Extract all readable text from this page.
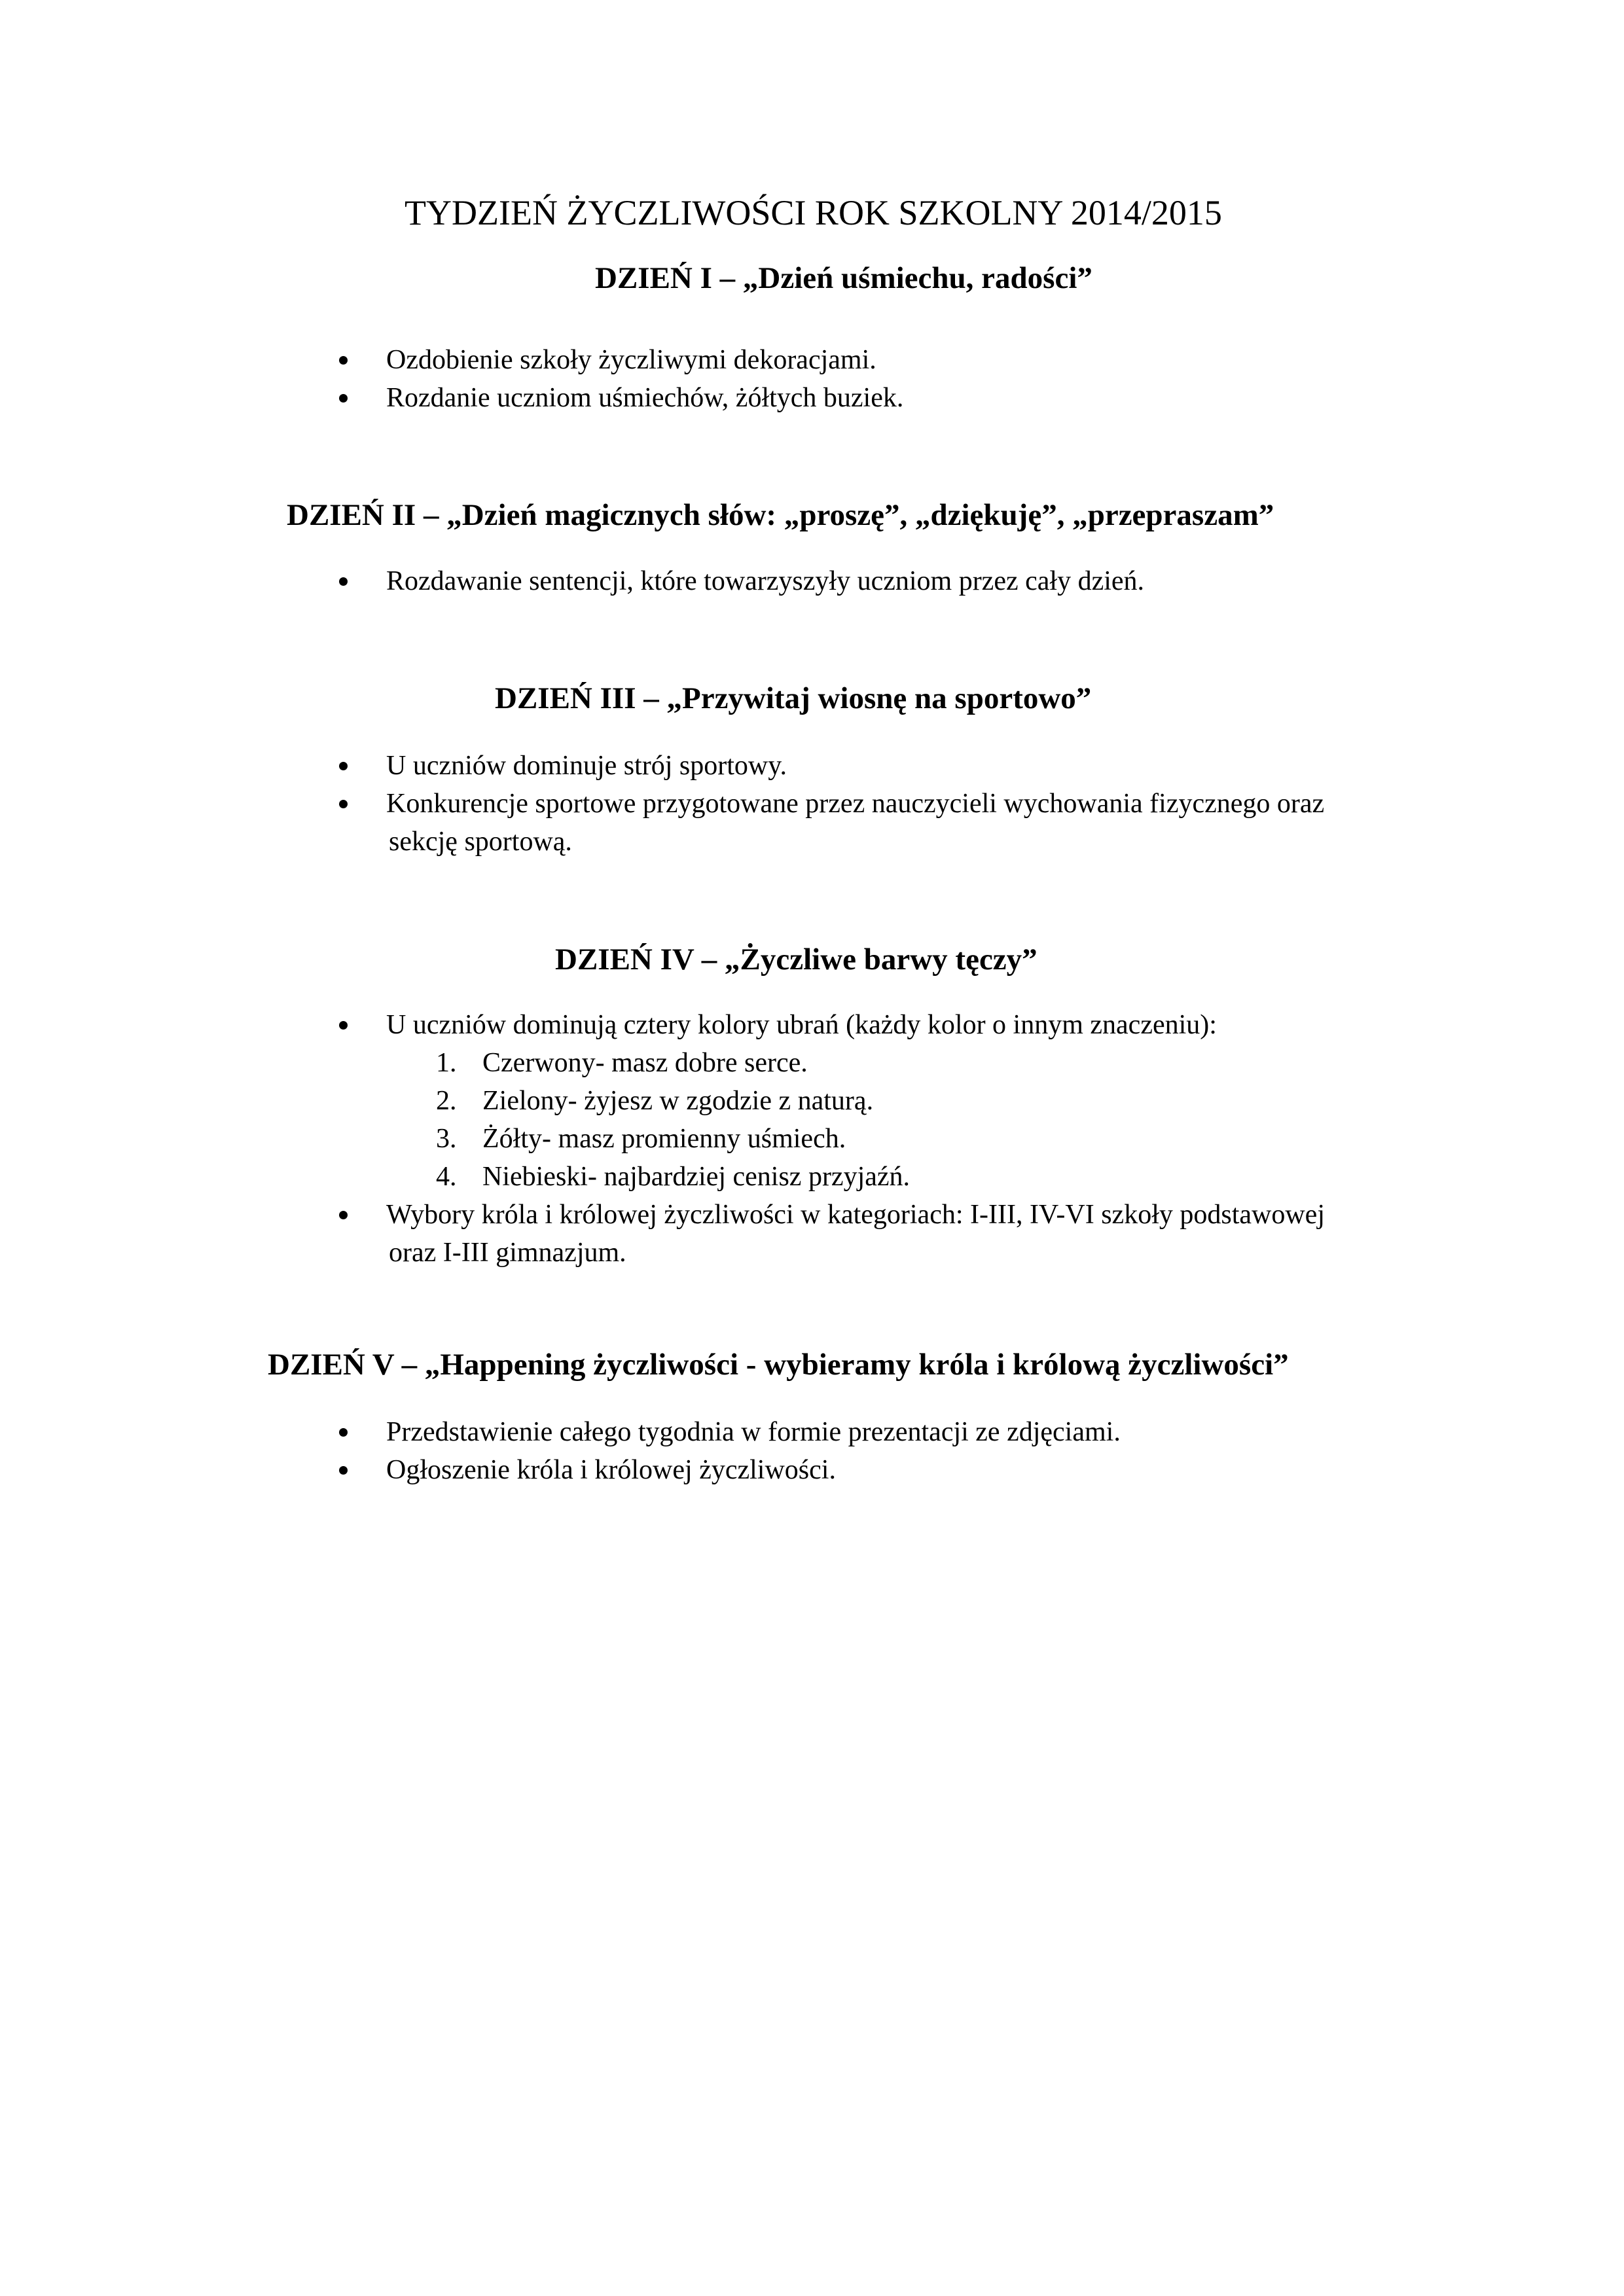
TYDZIEŃ ŻYCZLIWOŚCI ROK SZKOLNY 2014/2015
DZIEŃ I – „Dzień uśmiechu, radości”
Ozdobienie szkoły życzliwymi dekoracjami.
Rozdanie uczniom uśmiechów, żółtych buziek.
DZIEŃ II – „Dzień magicznych słów: „proszę”, „dziękuję”, „przepraszam”
Rozdawanie sentencji, które towarzyszyły uczniom przez cały dzień.
DZIEŃ III – „Przywitaj wiosnę na sportowo”
U uczniów dominuje strój sportowy.
Konkurencje sportowe przygotowane przez nauczycieli wychowania fizycznego oraz
sekcję sportową.
DZIEŃ IV – „Życzliwe barwy tęczy”
U uczniów dominują cztery kolory ubrań (każdy kolor o innym znaczeniu):
1. Czerwony- masz dobre serce.
2. Zielony- żyjesz w zgodzie z naturą.
3. Żółty- masz promienny uśmiech.
4. Niebieski- najbardziej cenisz przyjaźń.
Wybory króla i królowej życzliwości w kategoriach: I-III, IV-VI szkoły podstawowej
oraz I-III gimnazjum.
DZIEŃ V – „Happening życzliwości - wybieramy króla i królową życzliwości”
Przedstawienie całego tygodnia w formie prezentacji ze zdjęciami.
Ogłoszenie króla i królowej życzliwości.
